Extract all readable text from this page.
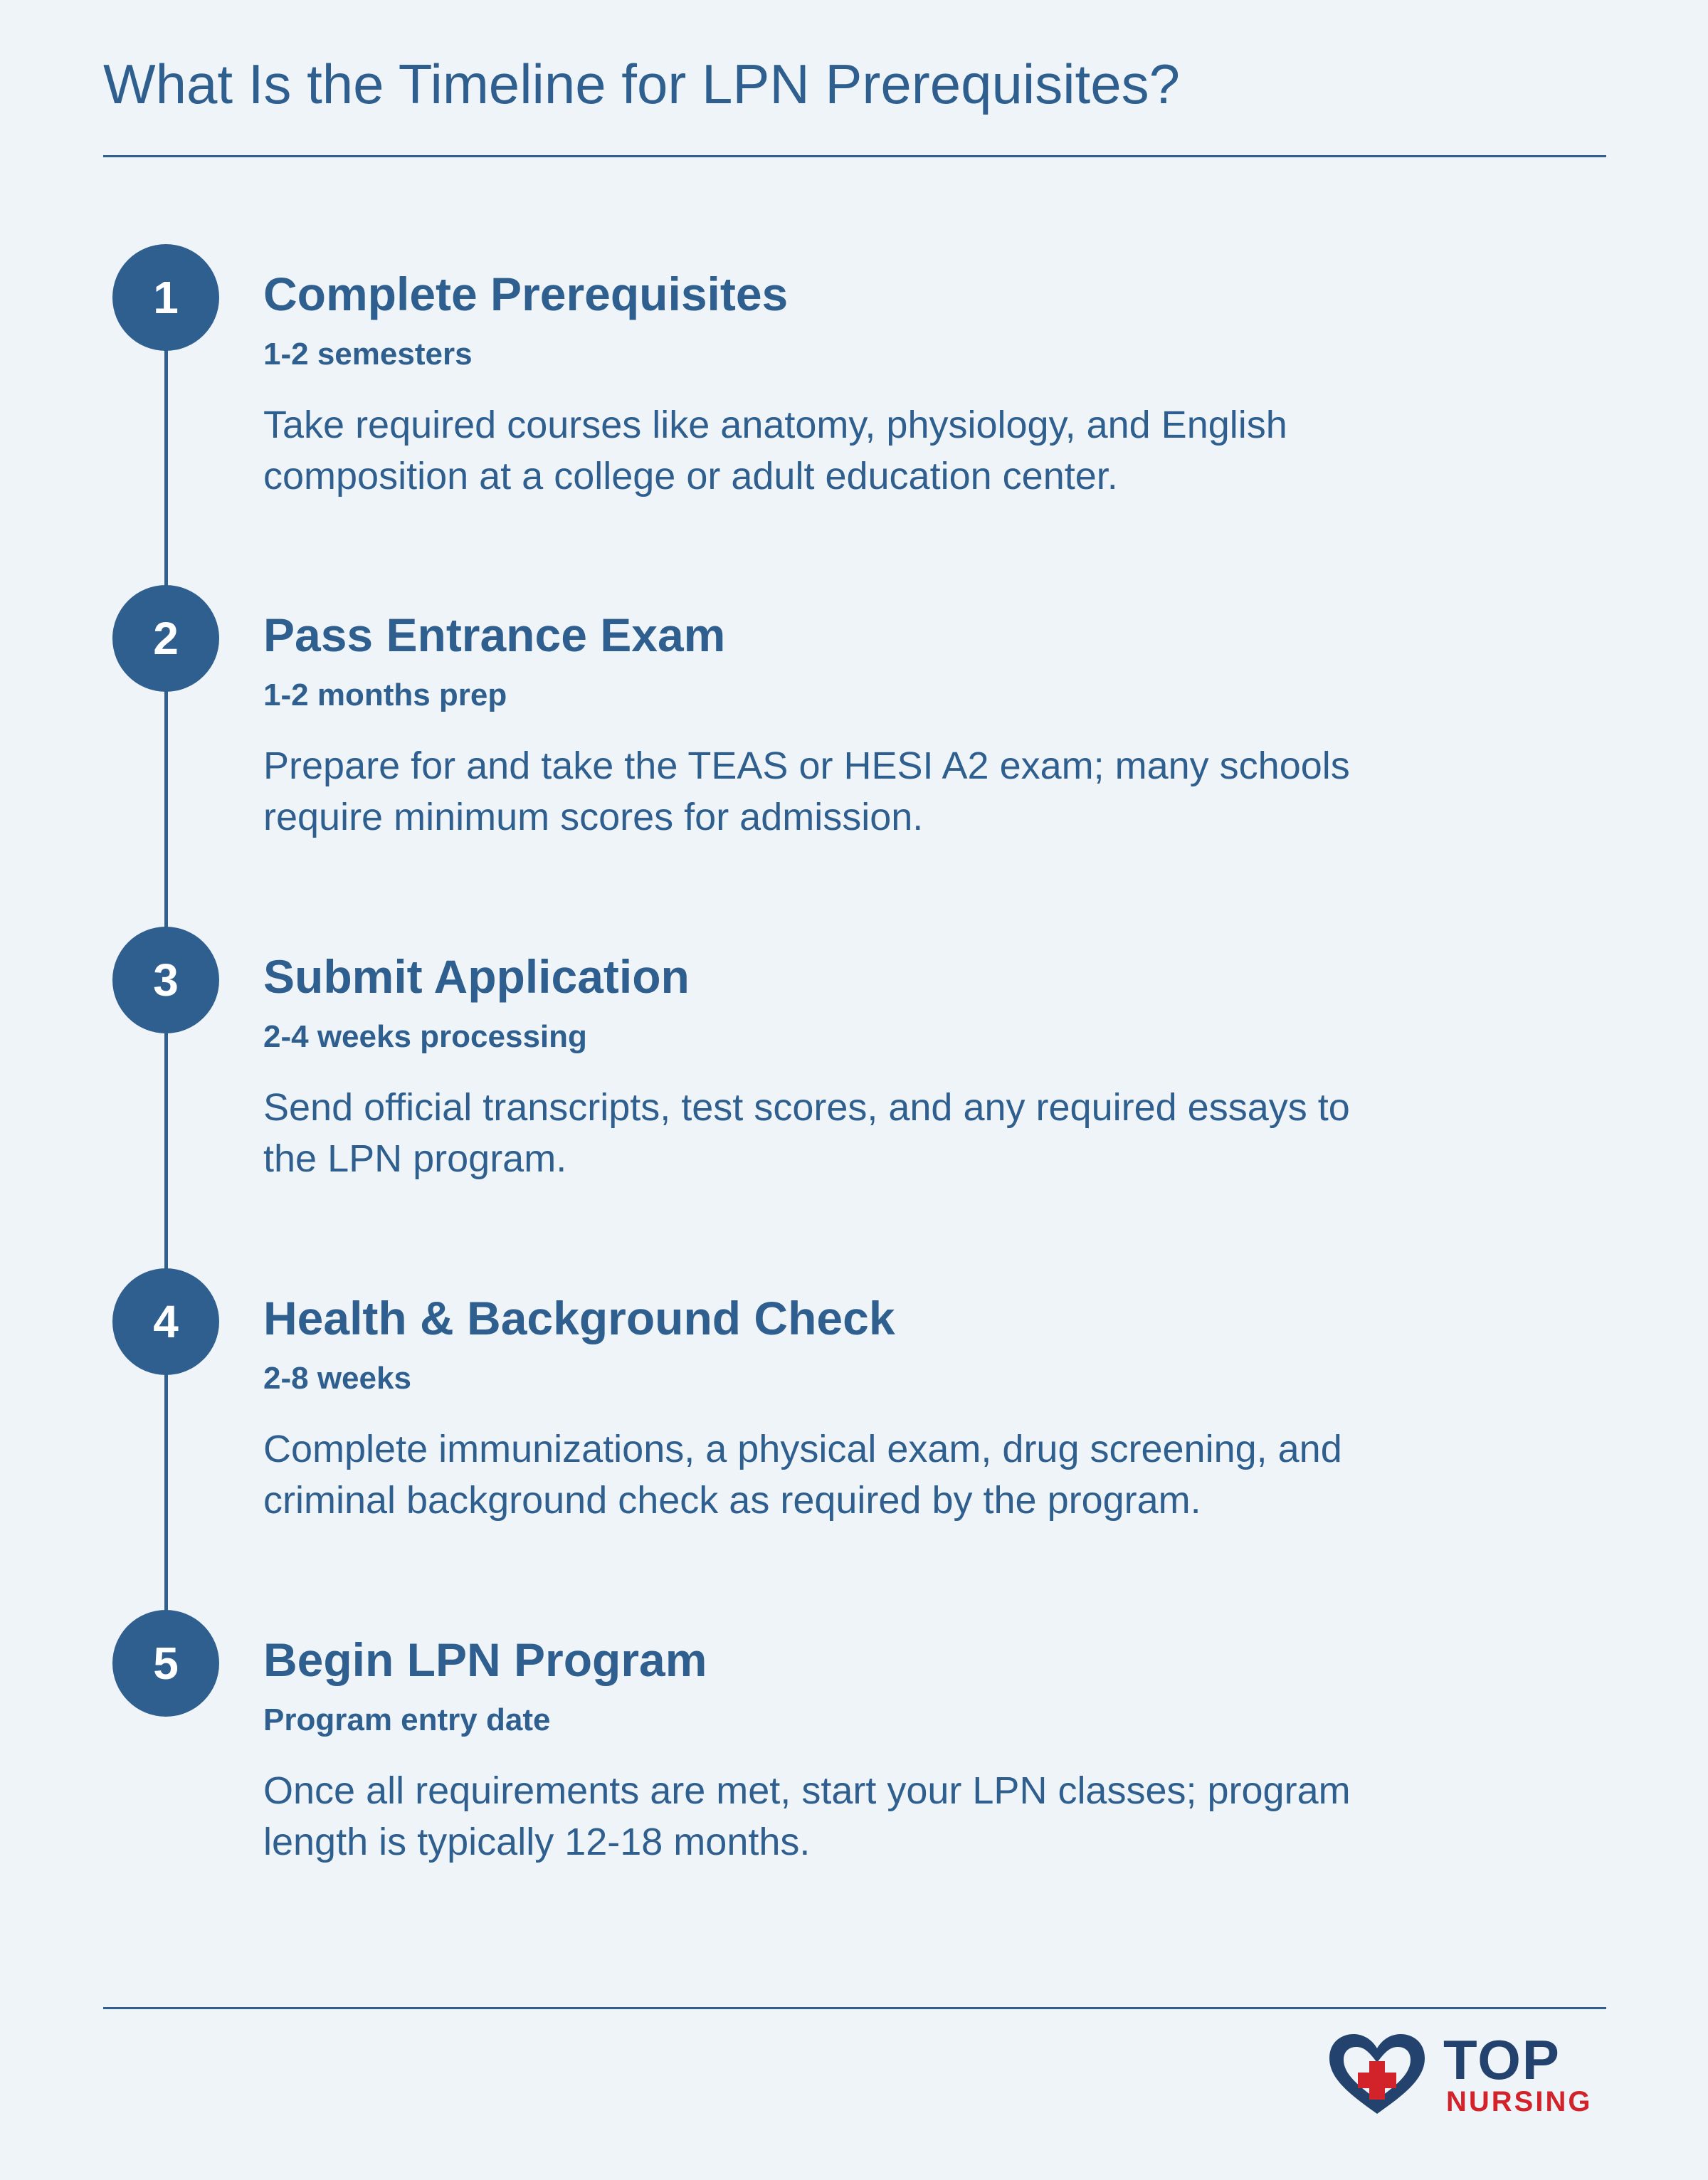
What Is the Timeline for LPN Prerequisites?
1	Complete Prerequisites
1-2 semesters

Take required courses like anatomy, physiology, and English composition at a college or adult education center.

2	Pass Entrance Exam
1-2 months prep

Prepare for and take the TEAS or HESI A2 exam; many schools require minimum scores for admission.

3	Submit Application
2-4 weeks processing

Send official transcripts, test scores, and any required essays to the LPN program.

4	Health & Background Check
2-8 weeks

Complete immunizations, a physical exam, drug screening, and criminal background check as required by the program.

5	Begin LPN Program
Program entry date

Once all requirements are met, start your LPN classes; program length is typically 12-18 months.

TOP
NURSING
